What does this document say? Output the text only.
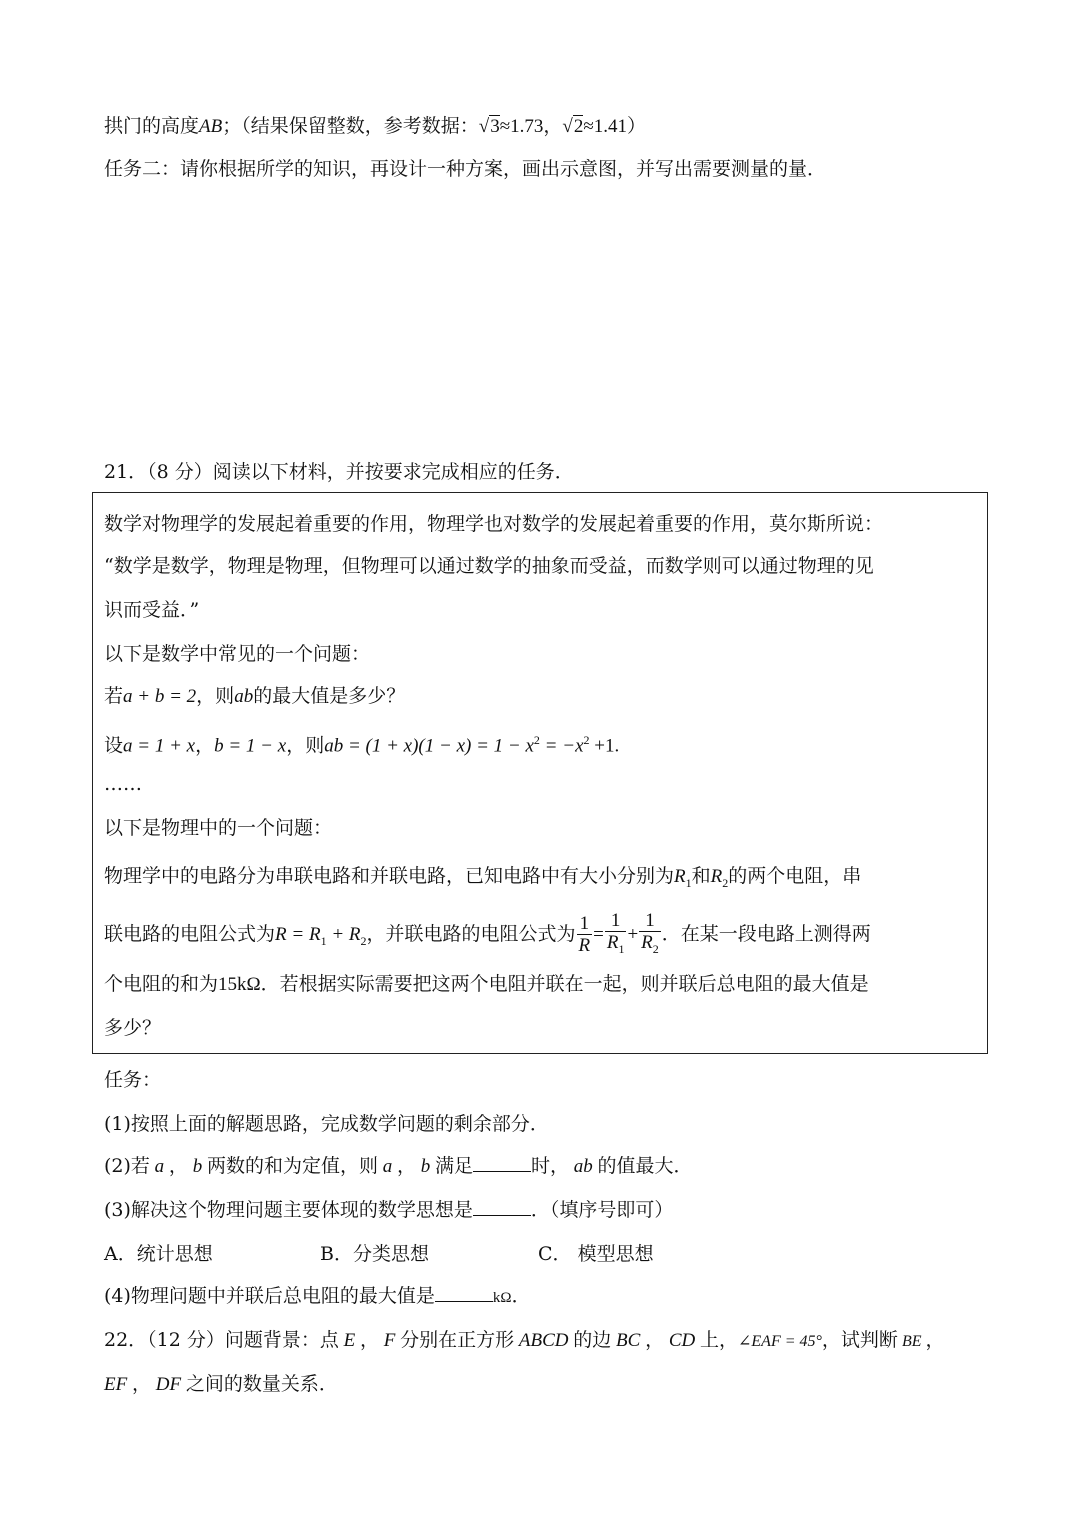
拱门的高度AB；（结果保留整数，参考数据：√3≈1.73，√2≈1.41）
任务二：请你根据所学的知识，再设计一种方案，画出示意图，并写出需要测量的量．
21．（8 分）阅读以下材料，并按要求完成相应的任务．
数学对物理学的发展起着重要的作用，物理学也对数学的发展起着重要的作用，莫尔斯所说：
“数学是数学，物理是物理，但物理可以通过数学的抽象而受益，而数学则可以通过物理的见
识而受益．”
以下是数学中常见的一个问题：
若a + b = 2，则ab的最大值是多少？
设a = 1 + x，b = 1 − x，则ab = $(1 + x)(1 - x) = 1 - x^2 = -x^2 +1$.
……
以下是物理中的一个问题：
物理学中的电路分为串联电路和并联电路，已知电路中有大小分别为$R_1$和$R_2$的两个电阻，串
联电路的电阻公式为$R = R_1 + R_2$，并联电路的电阻公式为 $\frac{1}{R} = \frac{1}{R_1} + \frac{1}{R_2}$ ．在某一段电路上测得两
个电阻的和为15kΩ．若根据实际需要把这两个电阻并联在一起，则并联后总电阻的最大值是
多少？
任务：
(1)按照上面的解题思路，完成数学问题的剩余部分．
(2)若 a ， b 两数的和为定值，则 a ， b 满足	时， ab 的值最大．
(3)解决这个物理问题主要体现的数学思想是	．（填序号即可）
A．统计思想	B．分类思想	C． 模型思想
(4)物理问题中并联后总电阻的最大值是	kΩ．
22．（12 分）问题背景：点 E ， F 分别在正方形 ABCD 的边 BC ， CD 上，∠EAF = 45°，试判断 BE ，
EF ， DF 之间的数量关系．
